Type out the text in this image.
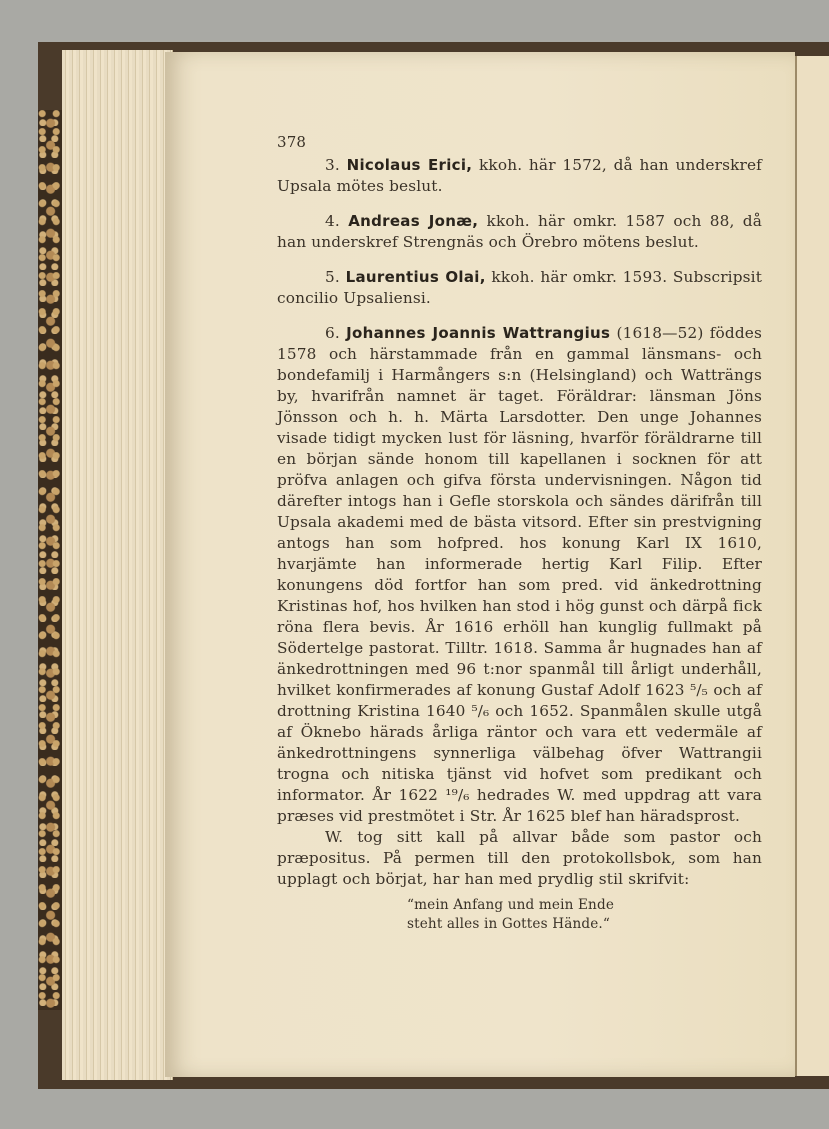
378

3. Nicolaus Erici, kkoh. här 1572, då han underskref Upsala mötes beslut.

4. Andreas Jonæ, kkoh. här omkr. 1587 och 88, då han underskref Strengnäs och Örebro mötens beslut.

5. Laurentius Olai, kkoh. här omkr. 1593. Subscripsit concilio Upsaliensi.

6. Johannes Joannis Wattrangius (1618—52) föddes 1578 och härstammade från en gammal länsmans- och bondefamilj i Harmångers s:n (Helsingland) och Watträngs by, hvarifrån namnet är taget. Föräldrar: länsman Jöns Jönsson och h. h. Märta Larsdotter. Den unge Johannes visade tidigt mycken lust för läsning, hvarför föräldrarne till en början sände honom till kapellanen i socknen för att pröfva anlagen och gifva första undervisningen. Någon tid därefter intogs han i Gefle storskola och sändes därifrån till Upsala akademi med de bästa vitsord. Efter sin prestvigning antogs han som hofpred. hos konung Karl IX 1610, hvarjämte han informerade hertig Karl Filip. Efter konungens död fortfor han som pred. vid änkedrottning Kristinas hof, hos hvilken han stod i hög gunst och därpå fick röna flera bevis. År 1616 erhöll han kunglig fullmakt på Södertelge pastorat. Tilltr. 1618. Samma år hugnades han af änkedrottningen med 96 t:nor spanmål till årligt underhåll, hvilket konfirmerades af konung Gustaf Adolf 1623 ⁵/₅ och af drottning Kristina 1640 ⁵/₆ och 1652. Spanmålen skulle utgå af Öknebo härads årliga räntor och vara ett vedermäle af änkedrottningens synnerliga välbehag öfver Wattrangii trogna och nitiska tjänst vid hofvet som predikant och informator. År 1622 ¹⁹/₆ hedrades W. med uppdrag att vara præses vid prestmötet i Str. År 1625 blef han häradsprost.

W. tog sitt kall på allvar både som pastor och præpositus. På permen till den protokollsbok, som han upplagt och börjat, har han med prydlig stil skrifvit:

“mein Anfang und mein Ende
steht alles in Gottes Hände.“
